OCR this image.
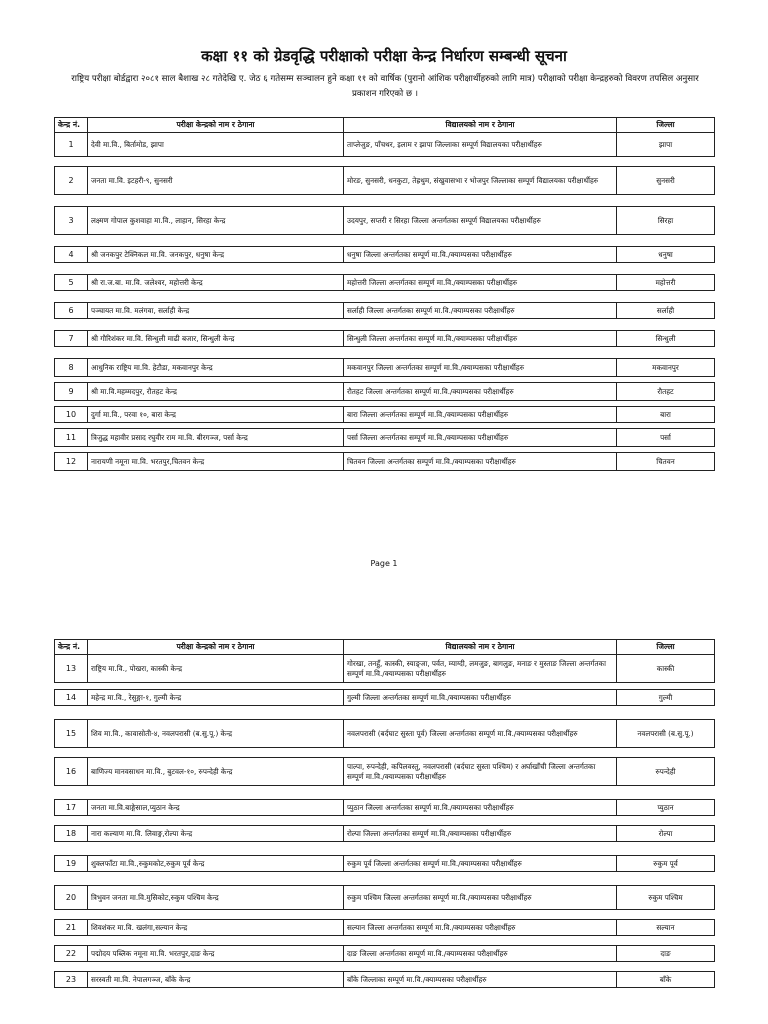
कक्षा ११ को ग्रेडवृद्धि परीक्षाको परीक्षा केन्द्र निर्धारण सम्बन्धी सूचना
राष्ट्रिय परीक्षा बोर्डद्वारा २०८१ साल बैशाख २८ गतेदेखि ए. जेठ ६ गतेसम्म सञ्चालन हुने कक्षा ११ को वार्षिक (पुरानो आंशिक परीक्षार्थीहरुको लागि मात्र) परीक्षाको परीक्षा केन्द्रहरुको विवरण तपसिल अनुसार प्रकाशन गरिएको छ ।
केन्द्र नं.	परीक्षा केन्द्रको नाम र ठेगाना	विद्यालयको नाम र ठेगाना	जिल्ला
1	देवी मा.वि., बिर्तामोड, झापा	ताप्लेजुङ, पाँचथर, इलाम र झापा जिल्लाका सम्पूर्ण विद्यालयका परीक्षार्थीहरु	झापा

2	जनता मा.वि. इटहरी-९, सुनसरी	मोरङ, सुनसरी, धनकुटा, तेह्रथुम, संखुवासभा र भोजपुर जिल्लाका सम्पूर्ण विद्यालयका परीक्षार्थीहरु	सुनसरी

3	लक्ष्मण गोपाल कुशवाहा मा.वि., लाहान, सिरहा केन्द्र	उदयपुर, सप्तरी र सिरहा जिल्ला अन्तर्गतका सम्पूर्ण विद्यालयका परीक्षार्थीहरु	सिरहा

4	श्री जनकपुर टेक्निकल मा.वि. जनकपुर, धनुषा केन्द्र	धनुषा जिल्ला अन्तर्गतका सम्पूर्ण मा.वि./क्याम्पसका परीक्षार्थीहरु	धनुषा

5	श्री रा.ज.बा. मा.वि. जलेश्वर, महोत्तरी केन्द्र	महोत्तरी जिल्ला अन्तर्गतका सम्पूर्ण मा.वि./क्याम्पसका परीक्षार्थीहरु	महोत्तरी

6	पञ्चायत मा.वि. मलंगवा, सर्लाही केन्द्र	सर्लाही जिल्ला अन्तर्गतका सम्पूर्ण मा.वि./क्याम्पसका परीक्षार्थीहरु	सर्लाही

7	श्री गौरिशंकर मा.वि. सिन्धुली माढी बजार, सिन्धुली केन्द्र	सिन्धुली जिल्ला अन्तर्गतका सम्पूर्ण मा.वि./क्याम्पसका परीक्षार्थीहरु	सिन्धुली

8	आधुनिक राष्ट्रिय मा.वि. हेटौडा, मकवानपुर केन्द्र	मकवानपुर जिल्ला अन्तर्गतका सम्पूर्ण मा.वि./क्याम्पसका परीक्षार्थीहरु	मकवानपुर

9	श्री मा.वि.महम्मदपुर, रौतहट केन्द्र	रौतहट जिल्ला अन्तर्गतका सम्पूर्ण मा.वि./क्याम्पसका परीक्षार्थीहरु	रौतहट

10	दुर्गा मा.वि., परवा १०, बारा केन्द्र	बारा जिल्ला अन्तर्गतका सम्पूर्ण मा.वि./क्याम्पसका परीक्षार्थीहरु	बारा

11	त्रिजुद्ध महावीर प्रसाद रघुवीर राम मा.वि. बीरगञ्ज, पर्सा केन्द्र	पर्सा जिल्ला अन्तर्गतका सम्पूर्ण मा.वि./क्याम्पसका परीक्षार्थीहरु	पर्सा

12	नारायणी नमूना मा.वि. भरतपुर,चितवन केन्द्र	चितवन जिल्ला अन्तर्गतका सम्पूर्ण मा.वि./क्याम्पसका परीक्षार्थीहरु	चितवन
Page 1
केन्द्र नं.	परीक्षा केन्द्रको नाम र ठेगाना	विद्यालयको नाम र ठेगाना	जिल्ला
13	राष्ट्रिय मा.वि., पोखरा, कास्की केन्द्र	गोरखा, तनहुँ, कास्की, स्याङ्जा, पर्वत, म्याग्दी, लमजुङ, बागलुङ, मनाङ र मुस्ताङ जिल्ला अन्तर्गतका सम्पूर्ण मा.वि./क्याम्पसका परीक्षार्थीहरु	कास्की

14	महेन्द्र मा.वि., रेसुङ्गा-१, गुल्मी केन्द्र	गुल्मी जिल्ला अन्तर्गतका सम्पूर्ण मा.वि./क्याम्पसका परीक्षार्थीहरु	गुल्मी

15	शिव मा.वि., कावासोती-४, नवलपरासी (ब.सु.पू.) केन्द्र	नवलपरासी (बर्दघाट सुस्ता पूर्व) जिल्ला अन्तर्गतका सम्पूर्ण मा.वि./क्याम्पसका परीक्षार्थीहरु	नवलपरासी (ब.सु.पू.)

16	बाणिज्य मानवसाधन मा.वि., बुटवल-१०, रुपन्देही केन्द्र	पाल्पा, रुपन्देही, कपिलवस्तु, नवलपरासी (बर्दघाट सुस्ता पश्चिम) र अर्घाखाँची जिल्ला अन्तर्गतका सम्पूर्ण मा.वि./क्याम्पसका परीक्षार्थीहरु	रुपन्देही

17	जनता मा.वि.बाङ्गेसाल,प्युठान केन्द्र	प्युठान जिल्ला अन्तर्गतका सम्पूर्ण मा.वि./क्याम्पसका परीक्षार्थीहरु	प्युठान

18	नारा कल्याण मा.वि. लिवाङ्ग,रोल्पा केन्द्र	रोल्पा जिल्ला अन्तर्गतका सम्पूर्ण मा.वि./क्याम्पसका परीक्षार्थीहरु	रोल्पा

19	शुक्लफाँटा मा.वि.,रुकुमकोट,रुकुम पूर्व केन्द्र	रुकुम पूर्व जिल्ला अन्तर्गतका सम्पूर्ण मा.वि./क्याम्पसका परीक्षार्थीहरु	रुकुम पूर्व

20	त्रिभुवन जनता मा.वि.मुसिकोट,रुकुम पश्चिम केन्द्र	रुकुम पश्चिम जिल्ला अन्तर्गतका सम्पूर्ण मा.वि./क्याम्पसका परीक्षार्थीहरु	रुकुम पश्चिम

21	शिवशंकर मा.वि. खलंगा,सल्यान केन्द्र	सल्यान जिल्ला अन्तर्गतका सम्पूर्ण मा.वि./क्याम्पसका परीक्षार्थीहरु	सल्यान

22	पद्मोदय पब्लिक नमूना मा.वि. भरतपुर,दाङ केन्द्र	दाङ जिल्ला अन्तर्गतका सम्पूर्ण मा.वि./क्याम्पसका परीक्षार्थीहरु	दाङ

23	सरस्वती मा.वि. नेपालगञ्ज, बाँके केन्द्र	बाँके जिल्लाका सम्पूर्ण मा.वि./क्याम्पसका परीक्षार्थीहरु	बाँके
